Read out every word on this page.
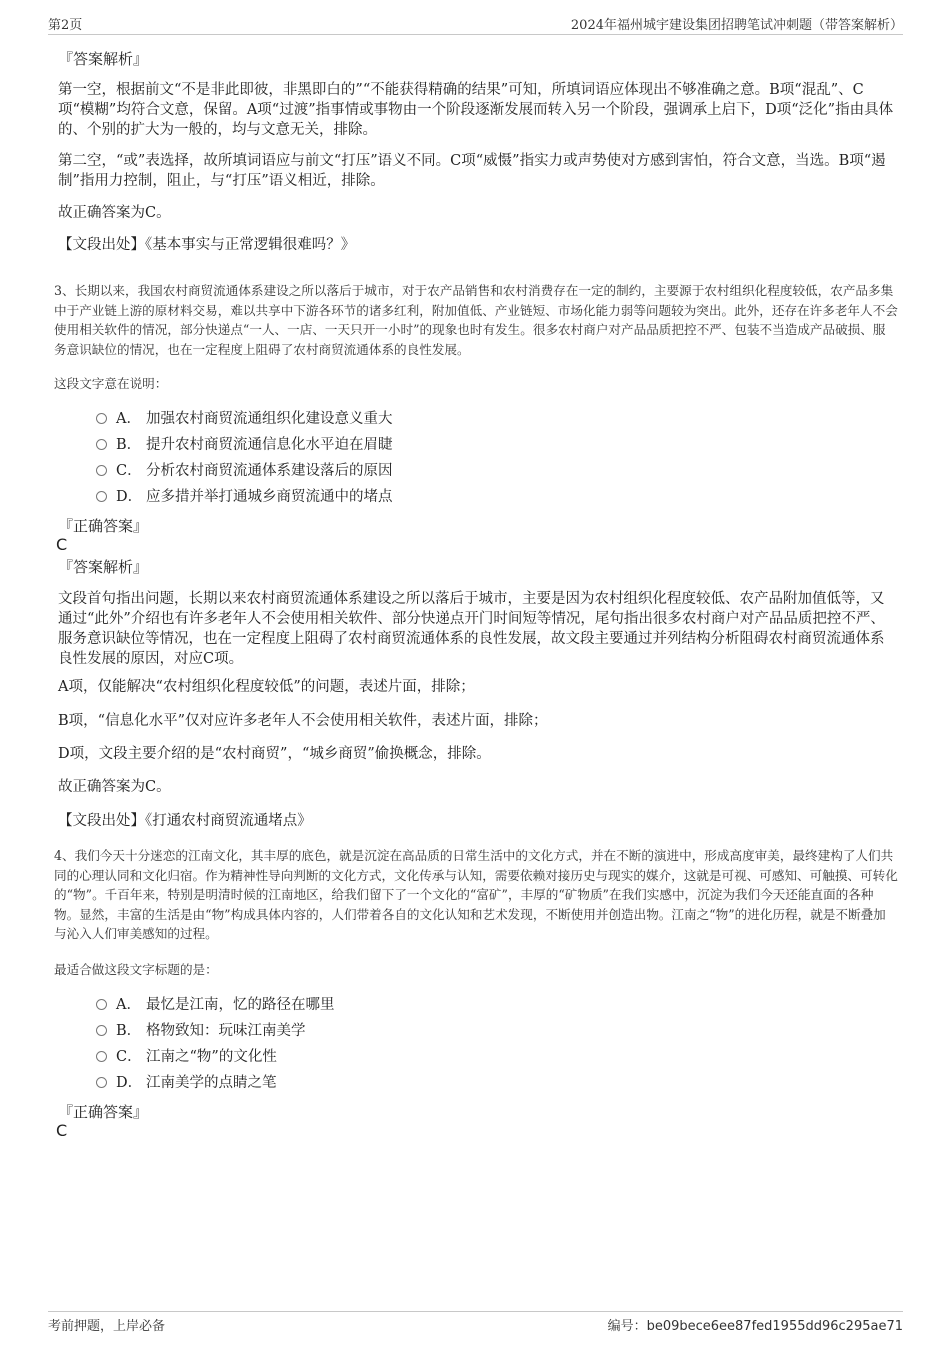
第2页	2024年福州城宇建设集团招聘笔试冲刺题（带答案解析）
『答案解析』
第一空，根据前文“不是非此即彼，非黑即白的”“不能获得精确的结果”可知，所填词语应体现出不够准确之意。B项“混乱”、C项“模糊”均符合文意，保留。A项“过渡”指事情或事物由一个阶段逐渐发展而转入另一个阶段，强调承上启下，D项“泛化”指由具体的、个别的扩大为一般的，均与文意无关，排除。
第二空，“或”表选择，故所填词语应与前文“打压”语义不同。C项“威慑”指实力或声势使对方感到害怕，符合文意，当选。B项“遏制”指用力控制，阻止，与“打压”语义相近，排除。
故正确答案为C。
【文段出处】《基本事实与正常逻辑很难吗？》
3、长期以来，我国农村商贸流通体系建设之所以落后于城市，对于农产品销售和农村消费存在一定的制约，主要源于农村组织化程度较低，农产品多集中于产业链上游的原材料交易，难以共享中下游各环节的诸多红利，附加值低、产业链短、市场化能力弱等问题较为突出。此外，还存在许多老年人不会使用相关软件的情况，部分快递点“一人、一店、一天只开一小时”的现象也时有发生。很多农村商户对产品品质把控不严、包装不当造成产品破损、服务意识缺位的情况，也在一定程度上阻碍了农村商贸流通体系的良性发展。
这段文字意在说明：
A． 加强农村商贸流通组织化建设意义重大
B． 提升农村商贸流通信息化水平迫在眉睫
C． 分析农村商贸流通体系建设落后的原因
D． 应多措并举打通城乡商贸流通中的堵点
『正确答案』
C
『答案解析』
文段首句指出问题，长期以来农村商贸流通体系建设之所以落后于城市，主要是因为农村组织化程度较低、农产品附加值低等，又通过“此外”介绍也有许多老年人不会使用相关软件、部分快递点开门时间短等情况，尾句指出很多农村商户对产品品质把控不严、服务意识缺位等情况，也在一定程度上阻碍了农村商贸流通体系的良性发展，故文段主要通过并列结构分析阻碍农村商贸流通体系良性发展的原因，对应C项。
A项，仅能解决“农村组织化程度较低”的问题，表述片面，排除；
B项，“信息化水平”仅对应许多老年人不会使用相关软件，表述片面，排除；
D项，文段主要介绍的是“农村商贸”，“城乡商贸”偷换概念，排除。
故正确答案为C。
【文段出处】《打通农村商贸流通堵点》
4、我们今天十分迷恋的江南文化，其丰厚的底色，就是沉淀在高品质的日常生活中的文化方式，并在不断的演进中，形成高度审美，最终建构了人们共同的心理认同和文化归宿。作为精神性导向判断的文化方式，文化传承与认知，需要依赖对接历史与现实的媒介，这就是可视、可感知、可触摸、可转化的“物”。千百年来，特别是明清时候的江南地区，给我们留下了一个文化的“富矿”，丰厚的“矿物质”在我们实感中，沉淀为我们今天还能直面的各种物。显然，丰富的生活是由“物”构成具体内容的，人们带着各自的文化认知和艺术发现，不断使用并创造出物。江南之“物”的进化历程，就是不断叠加与沁入人们审美感知的过程。
最适合做这段文字标题的是：
A． 最忆是江南，忆的路径在哪里
B． 格物致知：玩味江南美学
C． 江南之“物”的文化性
D． 江南美学的点睛之笔
『正确答案』
C
考前押题，上岸必备	编号：be09bece6ee87fed1955dd96c295ae71
